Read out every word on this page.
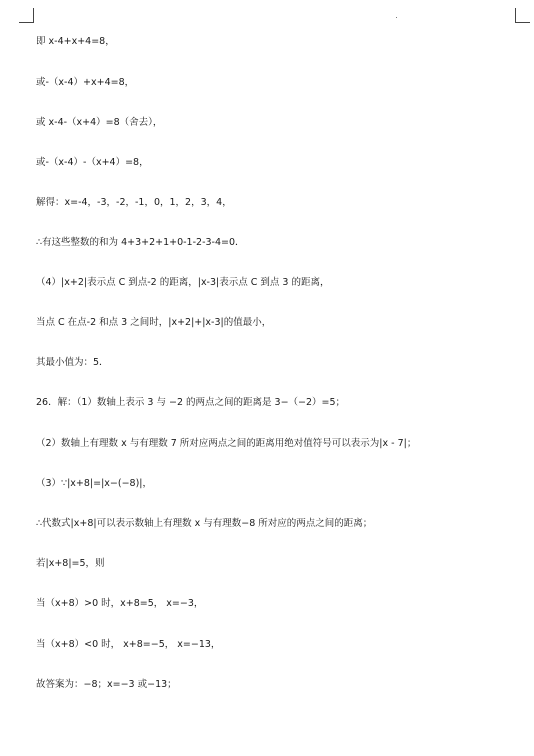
即 x-4+x+4=8，
或-（x-4）+x+4=8，
或 x-4-（x+4）=8（舍去），
或-（x-4）-（x+4）=8，
解得：x=-4，-3，-2，-1，0，1，2，3，4，
∴有这些整数的和为 4+3+2+1+0-1-2-3-4=0．
（4）|x+2|表示点 C 到点-2 的距离，|x-3|表示点 C 到点 3 的距离，
当点 C 在点-2 和点 3 之间时，|x+2|+|x-3|的值最小，
其最小值为：5．
26．解：（1）数轴上表示 3 与 −2 的两点之间的距离是 3−（−2）=5；
（2）数轴上有理数 x 与有理数 7 所对应两点之间的距离用绝对值符号可以表示为|x - 7|；
（3）∵|x+8|=|x−(−8)|，
∴代数式|x+8|可以表示数轴上有理数 x 与有理数−8 所对应的两点之间的距离；
若|x+8|=5，则
当（x+8）>0 时，x+8=5， x=−3，
当（x+8）<0 时， x+8=−5， x=−13，
故答案为：−8；x=−3 或−13；
